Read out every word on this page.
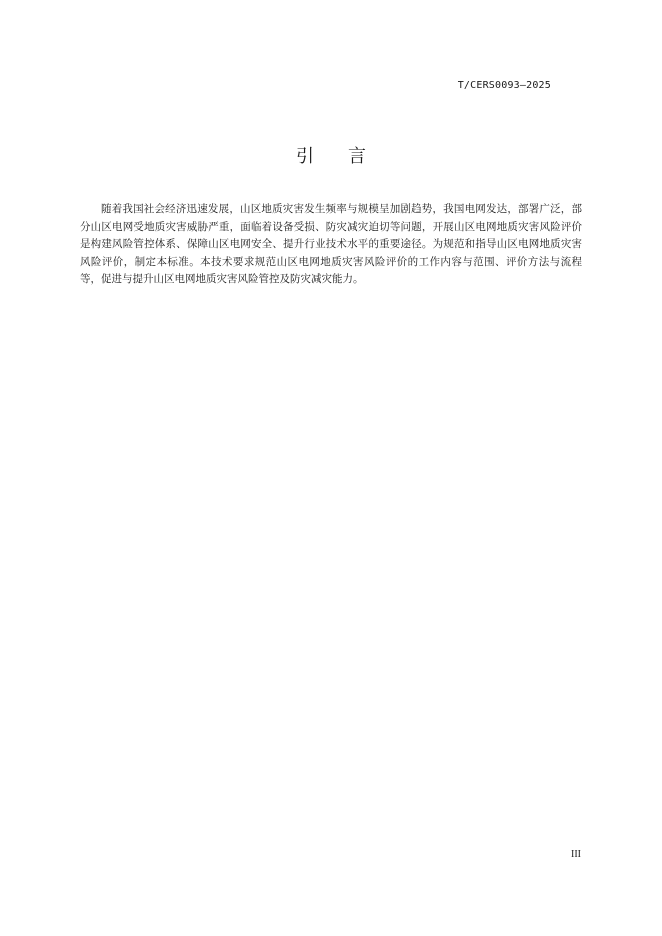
T/CERS0093—2025
引言

随着我国社会经济迅速发展，山区地质灾害发生频率与规模呈加剧趋势，我国电网发达，部署广泛，部分山区电网受地质灾害威胁严重，面临着设备受损、防灾减灾迫切等问题，开展山区电网地质灾害风险评价是构建风险管控体系、保障山区电网安全、提升行业技术水平的重要途径。为规范和指导山区电网地质灾害风险评价，制定本标准。本技术要求规范山区电网地质灾害风险评价的工作内容与范围、评价方法与流程等，促进与提升山区电网地质灾害风险管控及防灾减灾能力。

III
